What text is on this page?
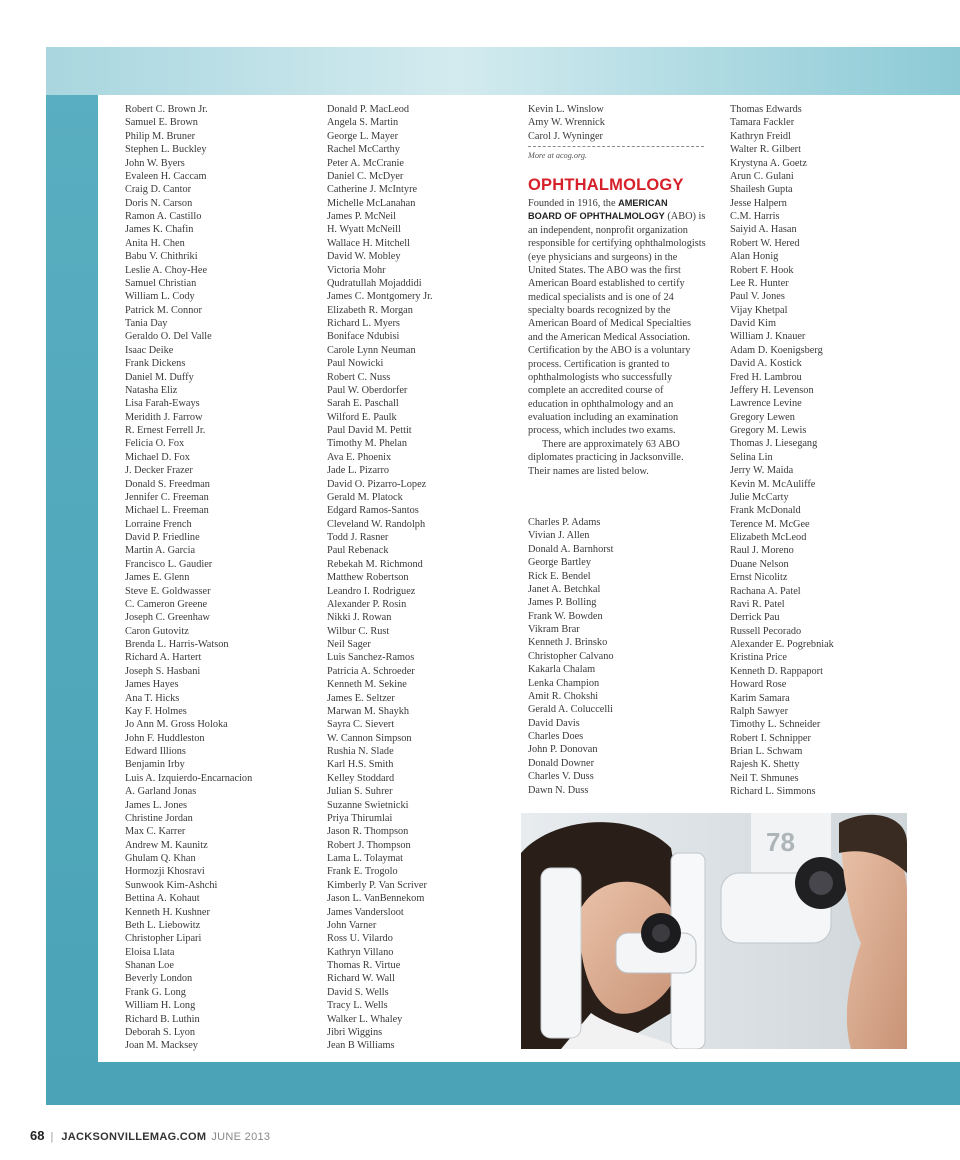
Robert C. Brown Jr.
Samuel E. Brown
Philip M. Bruner
Stephen L. Buckley
John W. Byers
Evaleen H. Caccam
Craig D. Cantor
Doris N. Carson
Ramon A. Castillo
James K. Chafin
Anita H. Chen
Babu V. Chithriki
Leslie A. Choy-Hee
Samuel Christian
William L. Cody
Patrick M. Connor
Tania Day
Geraldo O. Del Valle
Isaac Deike
Frank Dickens
Daniel M. Duffy
Natasha Eliz
Lisa Farah-Eways
Meridith J. Farrow
R. Ernest Ferrell Jr.
Felicia O. Fox
Michael D. Fox
J. Decker Frazer
Donald S. Freedman
Jennifer C. Freeman
Michael L. Freeman
Lorraine French
David P. Friedline
Martin A. Garcia
Francisco L. Gaudier
James E. Glenn
Steve E. Goldwasser
C. Cameron Greene
Joseph C. Greenhaw
Caron Gutovitz
Brenda L. Harris-Watson
Richard A. Hartert
Joseph S. Hasbani
James Hayes
Ana T. Hicks
Kay F. Holmes
Jo Ann M. Gross Holoka
John F. Huddleston
Edward Illions
Benjamin Irby
Luis A. Izquierdo-Encarnacion
A. Garland Jonas
James L. Jones
Christine Jordan
Max C. Karrer
Andrew M. Kaunitz
Ghulam Q. Khan
Hormozji Khosravi
Sunwook Kim-Ashchi
Bettina A. Kohaut
Kenneth H. Kushner
Beth L. Liebowitz
Christopher Lipari
Eloisa Llata
Shanan Loe
Beverly London
Frank G. Long
William H. Long
Richard B. Luthin
Deborah S. Lyon
Joan M. Macksey
Donald P. MacLeod
Angela S. Martin
George L. Mayer
Rachel McCarthy
Peter A. McCranie
Daniel C. McDyer
Catherine J. McIntyre
Michelle McLanahan
James P. McNeil
H. Wyatt McNeill
Wallace H. Mitchell
David W. Mobley
Victoria Mohr
Qudratullah Mojaddidi
James C. Montgomery Jr.
Elizabeth R. Morgan
Richard L. Myers
Boniface Ndubisi
Carole Lynn Neuman
Paul Nowicki
Robert C. Nuss
Paul W. Oberdorfer
Sarah E. Paschall
Wilford E. Paulk
Paul David M. Pettit
Timothy M. Phelan
Ava E. Phoenix
Jade L. Pizarro
David O. Pizarro-Lopez
Gerald M. Platock
Edgard Ramos-Santos
Cleveland W. Randolph
Todd J. Rasner
Paul Rebenack
Rebekah M. Richmond
Matthew Robertson
Leandro I. Rodriguez
Alexander P. Rosin
Nikki J. Rowan
Wilbur C. Rust
Neil Sager
Luis Sanchez-Ramos
Patricia A. Schroeder
Kenneth M. Sekine
James E. Seltzer
Marwan M. Shaykh
Sayra C. Sievert
W. Cannon Simpson
Rushia N. Slade
Karl H.S. Smith
Kelley Stoddard
Julian S. Suhrer
Suzanne Swietnicki
Priya Thirumlai
Jason R. Thompson
Robert J. Thompson
Lama L. Tolaymat
Frank E. Trogolo
Kimberly P. Van Scriver
Jason L. VanBennekom
James Vandersloot
John Varner
Ross U. Vilardo
Kathryn Villano
Thomas R. Virtue
Richard W. Wall
David S. Wells
Tracy L. Wells
Walker L. Whaley
Jibri Wiggins
Jean B Williams
Kevin L. Winslow
Amy W. Wrennick
Carol J. Wyninger
More at acog.org.
OPHTHALMOLOGY

Founded in 1916, the AMERICAN
BOARD OF OPHTHALMOLOGY (ABO) is an independent, nonprofit organization responsible for certifying ophthalmologists (eye physicians and surgeons) in the United States. The ABO was the first American Board established to certify medical specialists and is one of 24 specialty boards recognized by the American Board of Medical Specialties and the American Medical Association. Certification by the ABO is a voluntary process. Certification is granted to ophthalmologists who successfully complete an accredited course of education in ophthalmology and an evaluation including an examination process, which includes two exams.

There are approximately 63 ABO diplomates practicing in Jacksonville. Their names are listed below.

Charles P. Adams
Vivian J. Allen
Donald A. Barnhorst
George Bartley
Rick E. Bendel
Janet A. Betchkal
James P. Bolling
Frank W. Bowden
Vikram Brar
Kenneth J. Brinsko
Christopher Calvano
Kakarla Chalam
Lenka Champion
Amit R. Chokshi
Gerald A. Coluccelli
David Davis
Charles Does
John P. Donovan
Donald Downer
Charles V. Duss
Dawn N. Duss
Thomas Edwards
Tamara Fackler
Kathryn Freidl
Walter R. Gilbert
Krystyna A. Goetz
Arun C. Gulani
Shailesh Gupta
Jesse Halpern
C.M. Harris
Saiyid A. Hasan
Robert W. Hered
Alan Honig
Robert F. Hook
Lee R. Hunter
Paul V. Jones
Vijay Khetpal
David Kim
William J. Knauer
Adam D. Koenigsberg
David A. Kostick
Fred H. Lambrou
Jeffery H. Levenson
Lawrence Levine
Gregory Lewen
Gregory M. Lewis
Thomas J. Liesegang
Selina Lin
Jerry W. Maida
Kevin M. McAuliffe
Julie McCarty
Frank McDonald
Terence M. McGee
Elizabeth McLeod
Raul J. Moreno
Duane Nelson
Ernst Nicolitz
Rachana A. Patel
Ravi R. Patel
Derrick Pau
Russell Pecorado
Alexander E. Pogrebniak
Kristina Price
Kenneth D. Rappaport
Howard Rose
Karim Samara
Ralph Sawyer
Timothy L. Schneider
Robert I. Schnipper
Brian L. Schwam
Rajesh K. Shetty
Neil T. Shmunes
Richard L. Simmons
78
68 | JACKSONVILLEMAG.COM JUNE 2013
